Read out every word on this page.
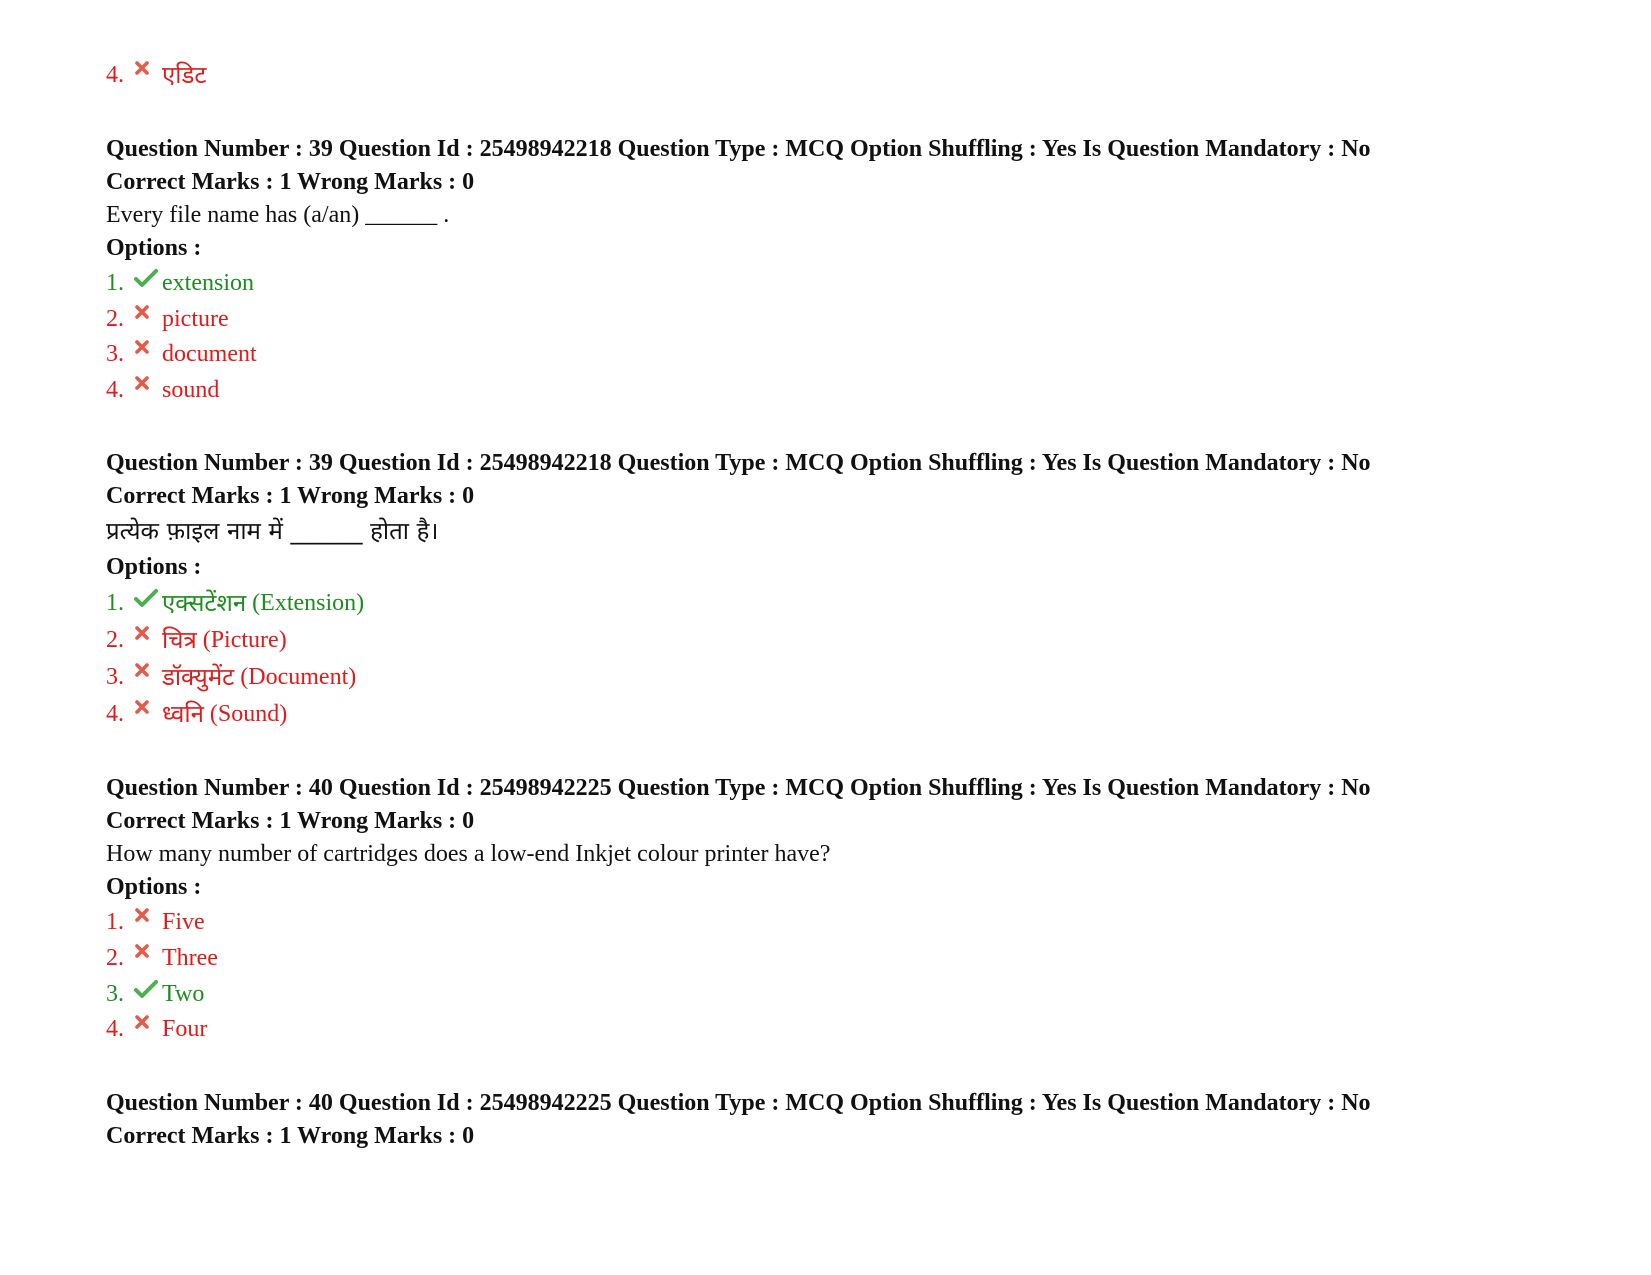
4.	एडिट
Question Number : 39 Question Id : 25498942218 Question Type : MCQ Option Shuffling : Yes Is Question Mandatory : No
Correct Marks : 1 Wrong Marks : 0
Every file name has (a/an) ______ .
Options :
1.	extension
2.	picture
3.	document
4.	sound
Question Number : 39 Question Id : 25498942218 Question Type : MCQ Option Shuffling : Yes Is Question Mandatory : No
Correct Marks : 1 Wrong Marks : 0
प्रत्येक फ़ाइल नाम में ______ होता है।
Options :
1.	एक्सटेंशन (Extension)
2.	चित्र (Picture)
3.	डॉक्युमेंट (Document)
4.	ध्वनि (Sound)
Question Number : 40 Question Id : 25498942225 Question Type : MCQ Option Shuffling : Yes Is Question Mandatory : No
Correct Marks : 1 Wrong Marks : 0
How many number of cartridges does a low-end Inkjet colour printer have?
Options :
1.	Five
2.	Three
3.	Two
4.	Four
Question Number : 40 Question Id : 25498942225 Question Type : MCQ Option Shuffling : Yes Is Question Mandatory : No
Correct Marks : 1 Wrong Marks : 0
